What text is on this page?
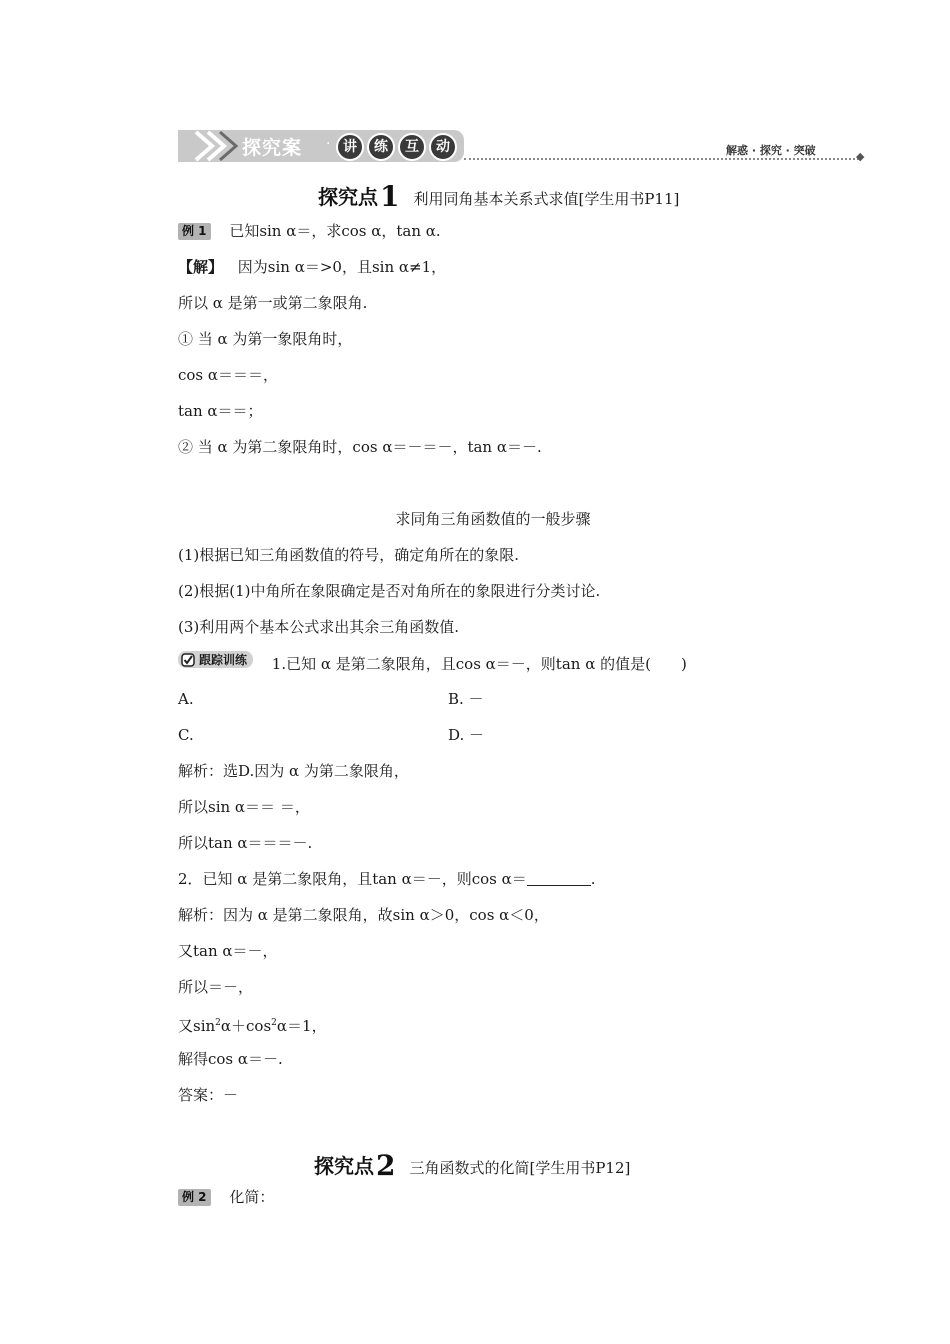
探究案 · 讲 练 互 动	解惑 · 探究 · 突破	◆
探究点1 利用同角基本关系式求值[学生用书P11]
例 1 已知sin α＝，求cos α，tan α.
【解】 因为sin α＝>0，且sin α≠1，
所以 α 是第一或第二象限角.
① 当 α 为第一象限角时，
cos α＝＝＝，
tan α＝＝；
② 当 α 为第二象限角时，cos α＝－＝－，tan α＝－.
求同角三角函数值的一般步骤
(1)根据已知三角函数值的符号，确定角所在的象限.
(2)根据(1)中角所在象限确定是否对角所在的象限进行分类讨论.
(3)利用两个基本公式求出其余三角函数值.
跟踪训练 1.已知 α 是第二象限角，且cos α＝－，则tan α 的值是(　　)
A.	B. －
C.	D. －
解析：选D.因为 α 为第二象限角，
所以sin α＝＝ ＝，
所以tan α＝＝＝－.
2．已知 α 是第二象限角，且tan α＝－，则cos α＝	.
解析：因为 α 是第二象限角，故sin α＞0，cos α＜0，
又tan α＝－，
所以＝－，
又$\sin^2\alpha+\cos^2\alpha=1$，
解得cos α＝－.
答案：－
探究点2 三角函数式的化简[学生用书P12]
例 2 化简：
